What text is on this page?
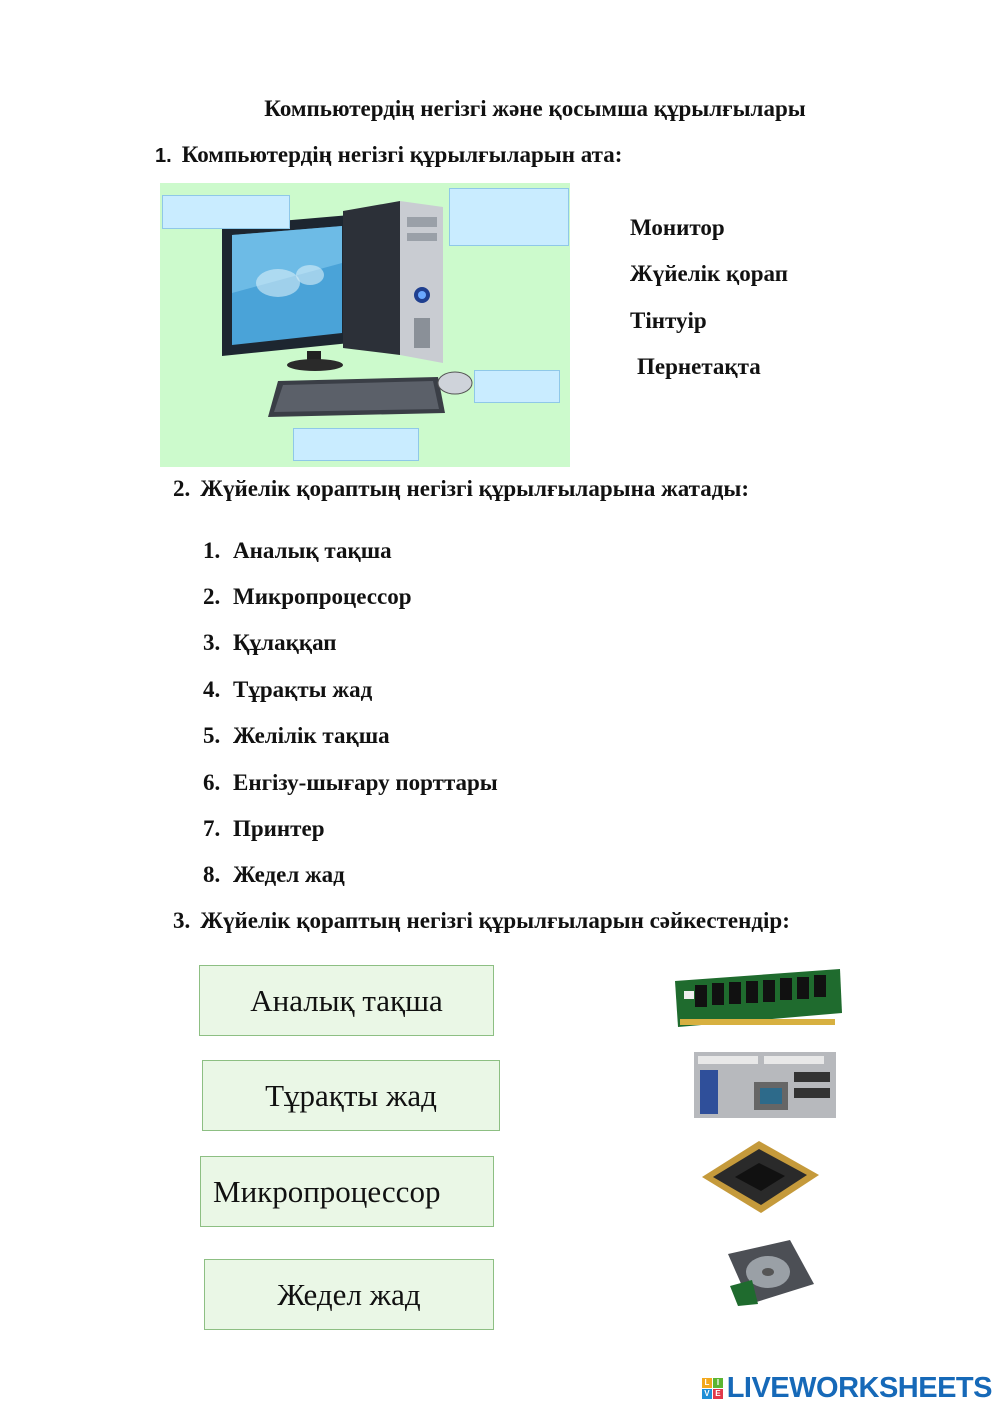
Компьютердің негізгі және қосымша құрылғылары
1. Компьютердің негізгі құрылғыларын ата:
Монитор
Жүйелік қорап
Тінтуір
Пернетақта
2. Жүйелік қораптың негізгі құрылғыларына жатады:
1. Аналық тақша
2. Микропроцессор
3. Құлаққап
4. Тұрақты жад
5. Желілік тақша
6. Енгізу-шығару порттары
7. Принтер
8. Жедел жад
3. Жүйелік қораптың негізгі құрылғыларын сәйкестендір:
Аналық тақша
Тұрақты жад
Микропроцессор
Жедел жад
L I
V E LIVEWORKSHEETS
